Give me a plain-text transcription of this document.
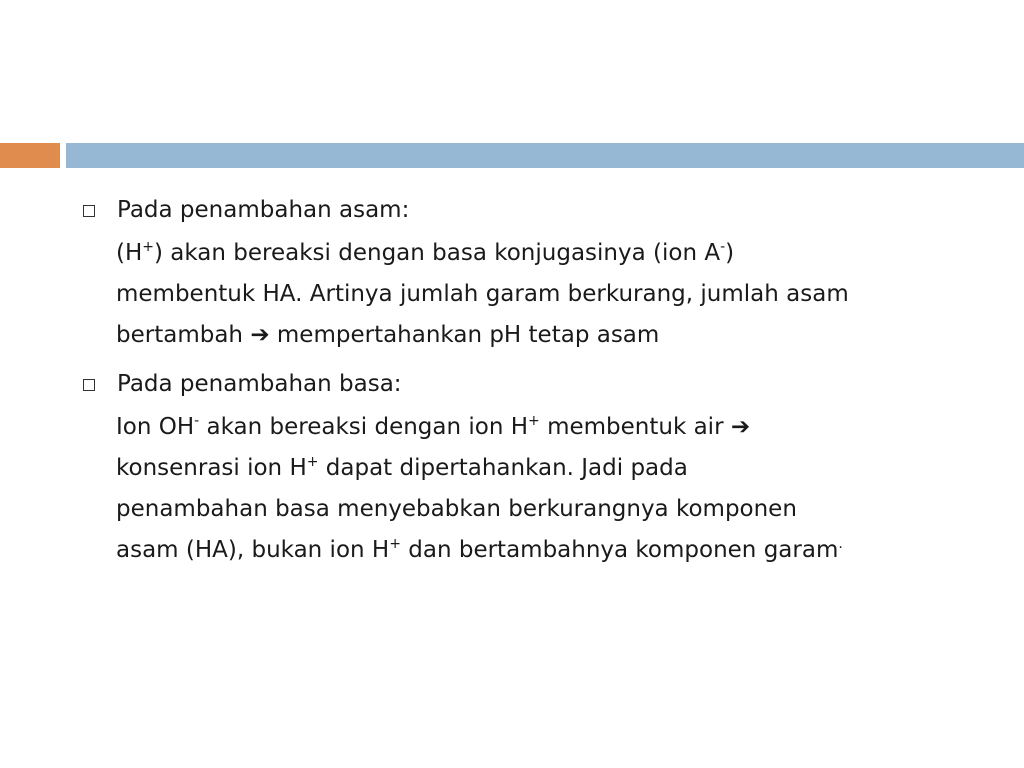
Pada penambahan asam:
(H+) akan bereaksi dengan basa konjugasinya (ion A-)
membentuk HA. Artinya jumlah garam berkurang, jumlah asam
bertambah ➔ mempertahankan pH tetap asam
Pada penambahan basa:
Ion OH- akan bereaksi dengan ion H+ membentuk air ➔
konsenrasi ion H+ dapat dipertahankan. Jadi pada
penambahan basa menyebabkan berkurangnya komponen
asam (HA), bukan ion H+ dan bertambahnya komponen garam.
